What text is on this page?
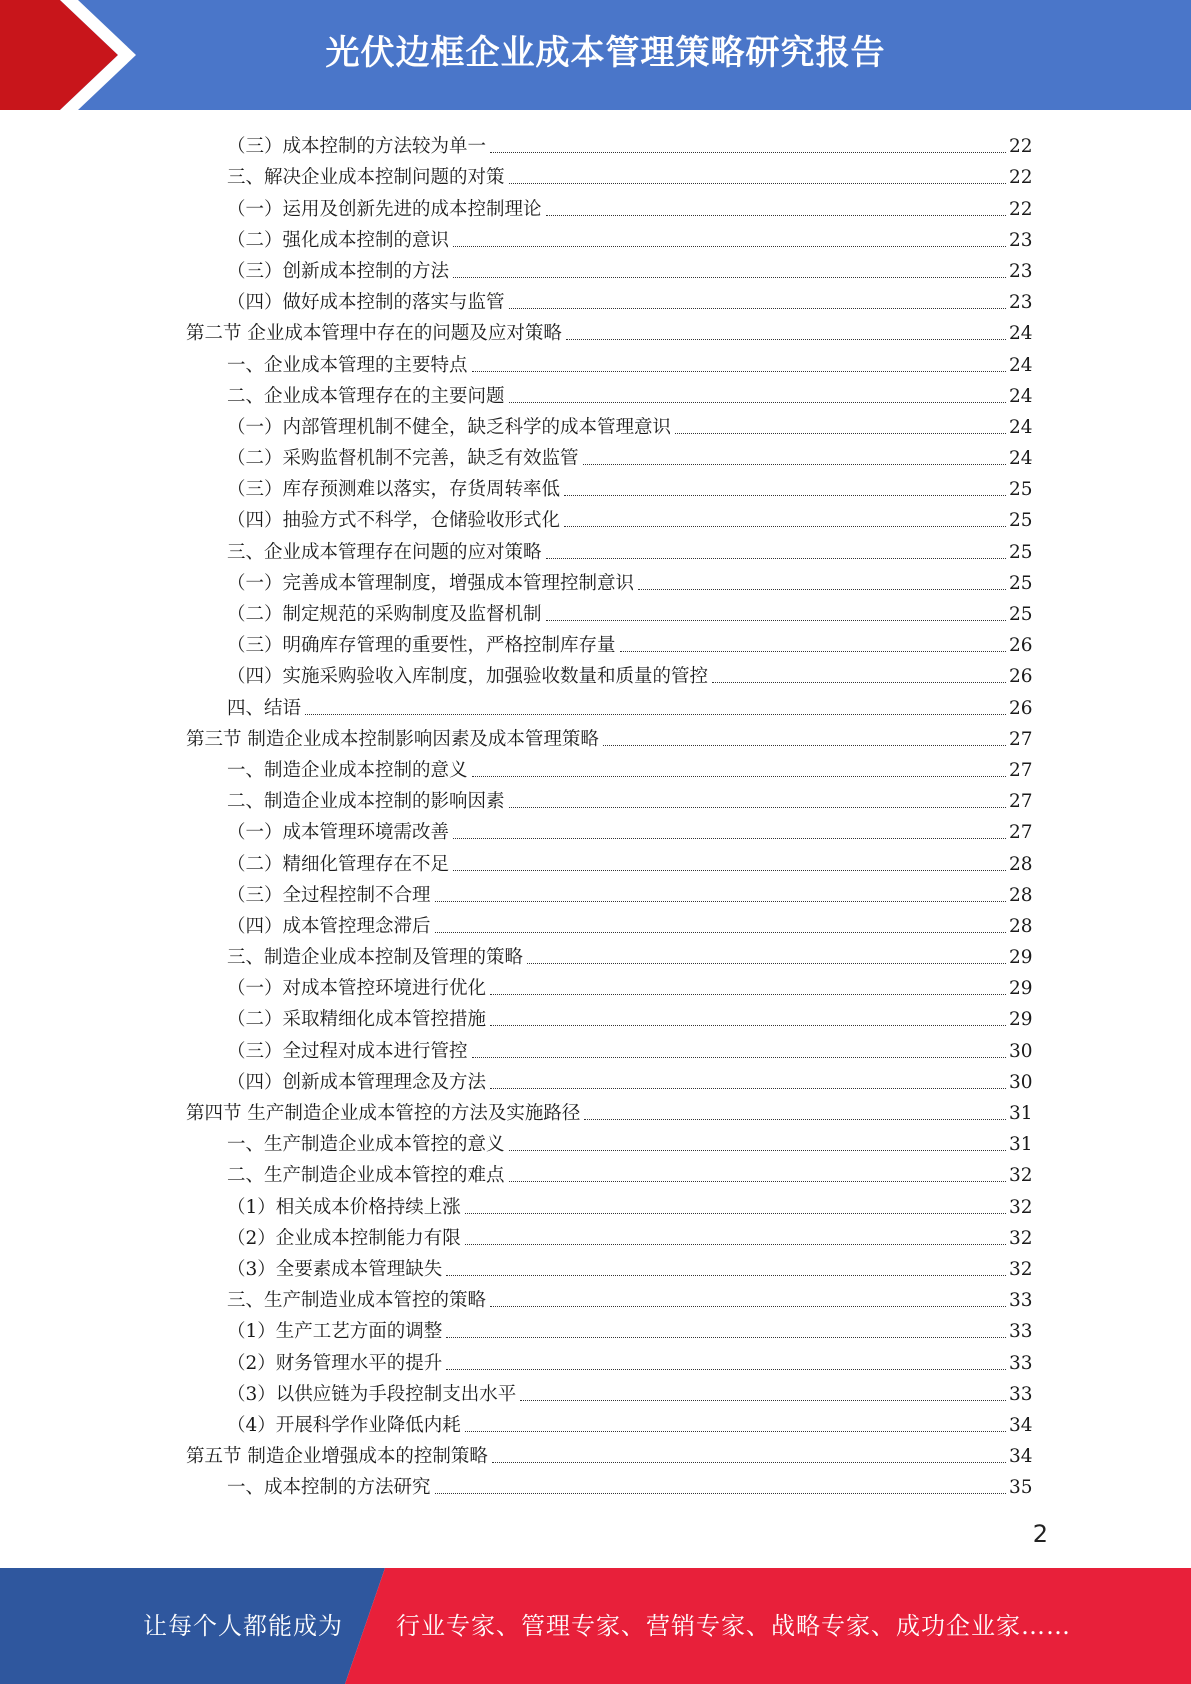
光伏边框企业成本管理策略研究报告
（三）成本控制的方法较为单一	22
三、解决企业成本控制问题的对策	22
（一）运用及创新先进的成本控制理论	22
（二）强化成本控制的意识	23
（三）创新成本控制的方法	23
（四）做好成本控制的落实与监管	23
第二节 企业成本管理中存在的问题及应对策略	24
一、企业成本管理的主要特点	24
二、企业成本管理存在的主要问题	24
（一）内部管理机制不健全，缺乏科学的成本管理意识	24
（二）采购监督机制不完善，缺乏有效监管	24
（三）库存预测难以落实，存货周转率低	25
（四）抽验方式不科学，仓储验收形式化	25
三、企业成本管理存在问题的应对策略	25
（一）完善成本管理制度，增强成本管理控制意识	25
（二）制定规范的采购制度及监督机制	25
（三）明确库存管理的重要性，严格控制库存量	26
（四）实施采购验收入库制度，加强验收数量和质量的管控	26
四、结语	26
第三节 制造企业成本控制影响因素及成本管理策略	27
一、制造企业成本控制的意义	27
二、制造企业成本控制的影响因素	27
（一）成本管理环境需改善	27
（二）精细化管理存在不足	28
（三）全过程控制不合理	28
（四）成本管控理念滞后	28
三、制造企业成本控制及管理的策略	29
（一）对成本管控环境进行优化	29
（二）采取精细化成本管控措施	29
（三）全过程对成本进行管控	30
（四）创新成本管理理念及方法	30
第四节 生产制造企业成本管控的方法及实施路径	31
一、生产制造企业成本管控的意义	31
二、生产制造企业成本管控的难点	32
（1）相关成本价格持续上涨	32
（2）企业成本控制能力有限	32
（3）全要素成本管理缺失	32
三、生产制造业成本管控的策略	33
（1）生产工艺方面的调整	33
（2）财务管理水平的提升	33
（3）以供应链为手段控制支出水平	33
（4）开展科学作业降低内耗	34
第五节 制造企业增强成本的控制策略	34
一、成本控制的方法研究	35
2
让每个人都能成为 行业专家、管理专家、营销专家、战略专家、成功企业家……
